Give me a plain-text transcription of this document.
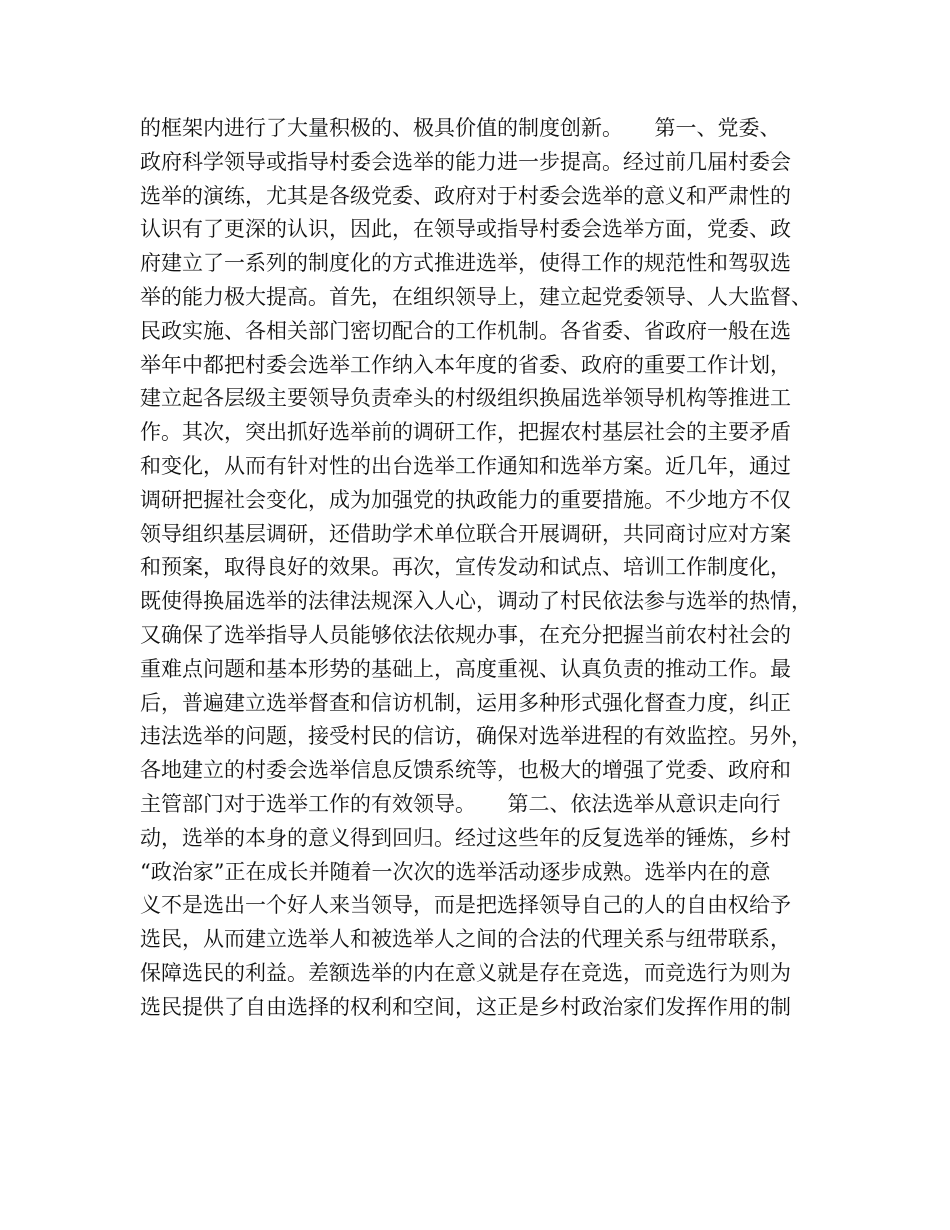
的框架内进行了大量积极的、极具价值的制度创新。　　第一、党委、
政府科学领导或指导村委会选举的能力进一步提高。经过前几届村委会
选举的演练，尤其是各级党委、政府对于村委会选举的意义和严肃性的
认识有了更深的认识，因此，在领导或指导村委会选举方面，党委、政
府建立了一系列的制度化的方式推进选举，使得工作的规范性和驾驭选
举的能力极大提高。首先，在组织领导上，建立起党委领导、人大监督、
民政实施、各相关部门密切配合的工作机制。各省委、省政府一般在选
举年中都把村委会选举工作纳入本年度的省委、政府的重要工作计划，
建立起各层级主要领导负责牵头的村级组织换届选举领导机构等推进工
作。其次，突出抓好选举前的调研工作，把握农村基层社会的主要矛盾
和变化，从而有针对性的出台选举工作通知和选举方案。近几年，通过
调研把握社会变化，成为加强党的执政能力的重要措施。不少地方不仅
领导组织基层调研，还借助学术单位联合开展调研，共同商讨应对方案
和预案，取得良好的效果。再次，宣传发动和试点、培训工作制度化，
既使得换届选举的法律法规深入人心，调动了村民依法参与选举的热情，
又确保了选举指导人员能够依法依规办事，在充分把握当前农村社会的
重难点问题和基本形势的基础上，高度重视、认真负责的推动工作。最
后，普遍建立选举督查和信访机制，运用多种形式强化督查力度，纠正
违法选举的问题，接受村民的信访，确保对选举进程的有效监控。另外，
各地建立的村委会选举信息反馈系统等，也极大的增强了党委、政府和
主管部门对于选举工作的有效领导。　　第二、依法选举从意识走向行
动，选举的本身的意义得到回归。经过这些年的反复选举的锤炼，乡村
“政治家”正在成长并随着一次次的选举活动逐步成熟。选举内在的意
义不是选出一个好人来当领导，而是把选择领导自己的人的自由权给予
选民，从而建立选举人和被选举人之间的合法的代理关系与纽带联系，
保障选民的利益。差额选举的内在意义就是存在竞选，而竞选行为则为
选民提供了自由选择的权利和空间，这正是乡村政治家们发挥作用的制
